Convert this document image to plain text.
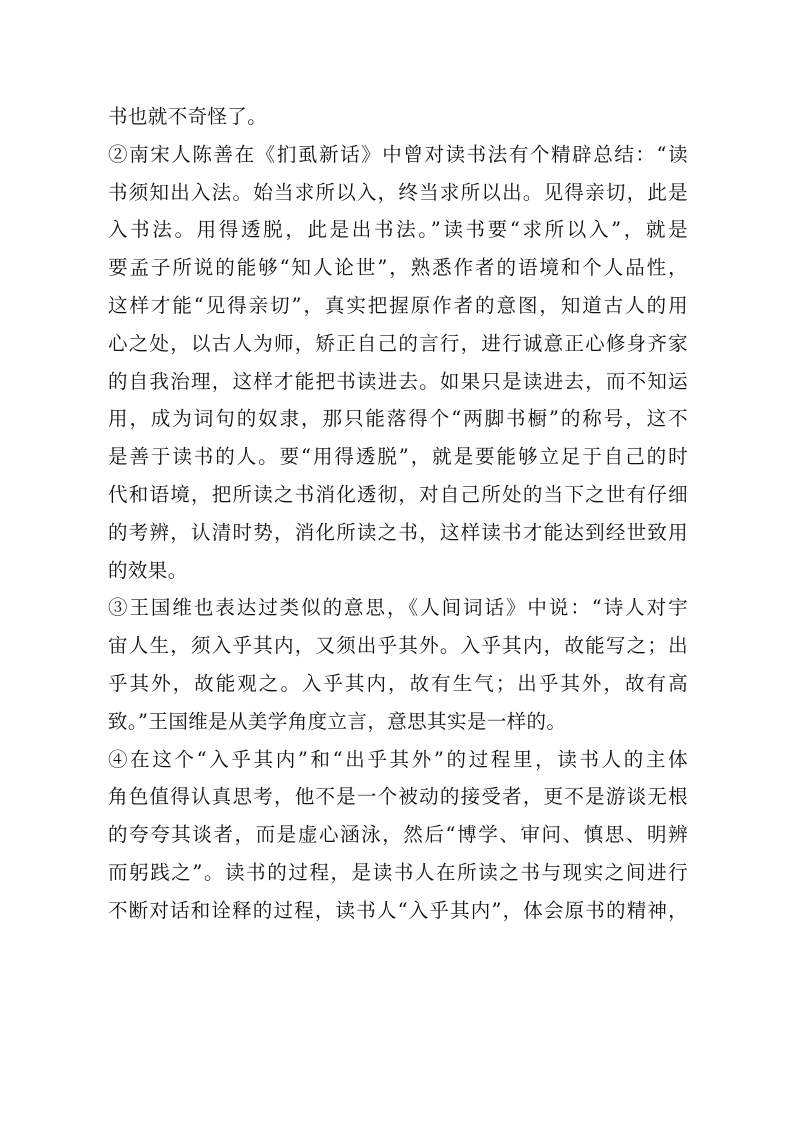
书也就不奇怪了。
②南宋人陈善在《扪虱新话》中曾对读书法有个精辟总结：“读
书须知出入法。始当求所以入，终当求所以出。见得亲切，此是
入书法。用得透脱，此是出书法。”读书要“求所以入”，就是
要孟子所说的能够“知人论世”，熟悉作者的语境和个人品性，
这样才能“见得亲切”，真实把握原作者的意图，知道古人的用
心之处，以古人为师，矫正自己的言行，进行诚意正心修身齐家
的自我治理，这样才能把书读进去。如果只是读进去，而不知运
用，成为词句的奴隶，那只能落得个“两脚书橱”的称号，这不
是善于读书的人。要“用得透脱”，就是要能够立足于自己的时
代和语境，把所读之书消化透彻，对自己所处的当下之世有仔细
的考辨，认清时势，消化所读之书，这样读书才能达到经世致用
的效果。
③王国维也表达过类似的意思，《人间词话》中说：“诗人对宇
宙人生，须入乎其内，又须出乎其外。入乎其内，故能写之；出
乎其外，故能观之。入乎其内，故有生气；出乎其外，故有高
致。”王国维是从美学角度立言，意思其实是一样的。
④在这个“入乎其内”和“出乎其外”的过程里，读书人的主体
角色值得认真思考，他不是一个被动的接受者，更不是游谈无根
的夸夸其谈者，而是虚心涵泳，然后“博学、审问、慎思、明辨
而躬践之”。读书的过程，是读书人在所读之书与现实之间进行
不断对话和诠释的过程，读书人“入乎其内”，体会原书的精神，
